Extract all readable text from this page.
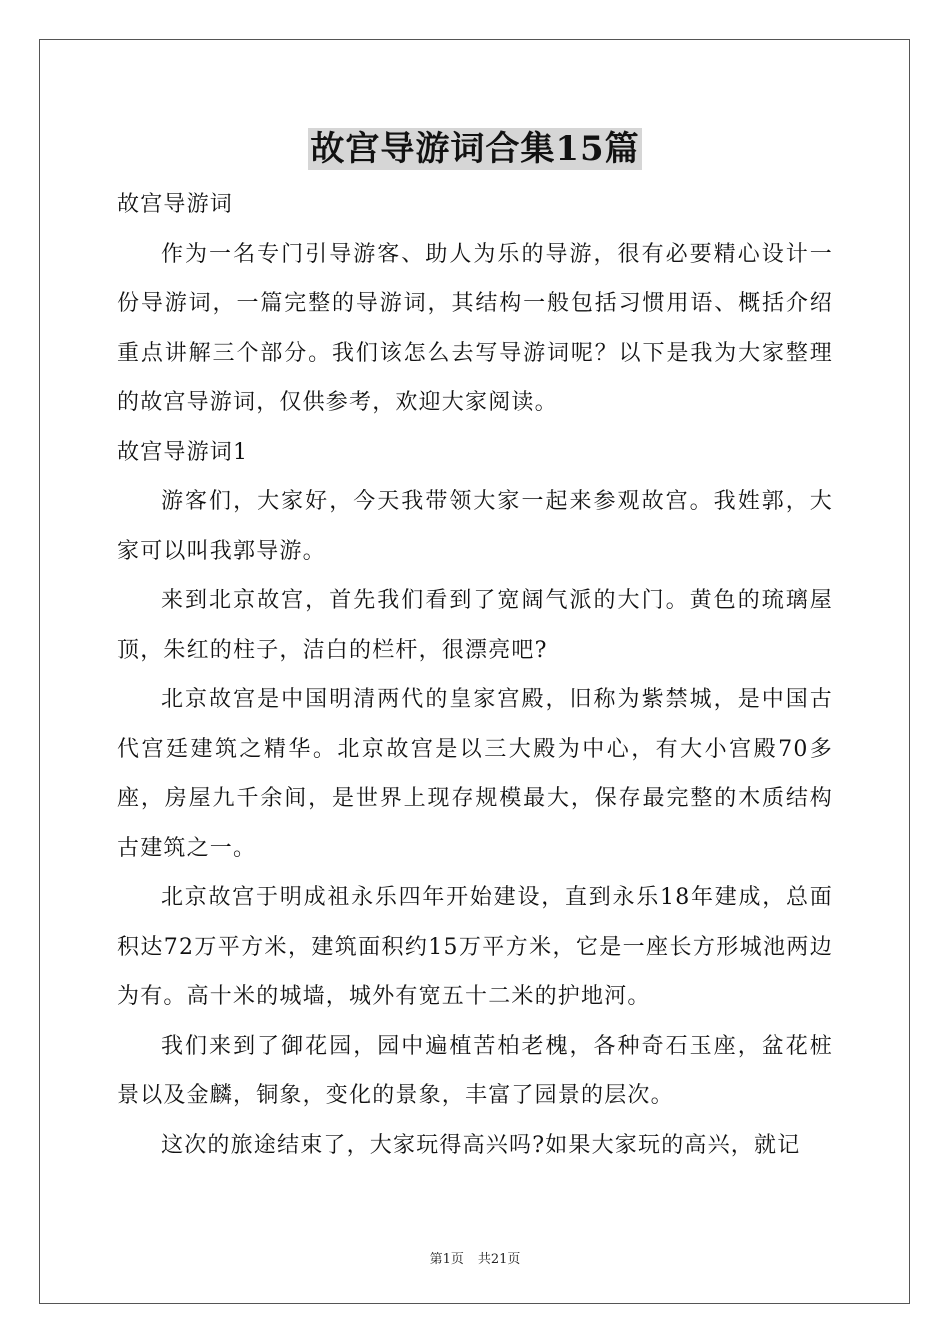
故宫导游词合集15篇

故宫导游词

作为一名专门引导游客、助人为乐的导游，很有必要精心设计一份导游词，一篇完整的导游词，其结构一般包括习惯用语、概括介绍重点讲解三个部分。我们该怎么去写导游词呢？以下是我为大家整理的故宫导游词，仅供参考，欢迎大家阅读。

故宫导游词1

游客们，大家好，今天我带领大家一起来参观故宫。我姓郭，大家可以叫我郭导游。

来到北京故宫，首先我们看到了宽阔气派的大门。黄色的琉璃屋顶，朱红的柱子，洁白的栏杆，很漂亮吧?

北京故宫是中国明清两代的皇家宫殿，旧称为紫禁城，是中国古代宫廷建筑之精华。北京故宫是以三大殿为中心，有大小宫殿70多座，房屋九千余间，是世界上现存规模最大，保存最完整的木质结构古建筑之一。

北京故宫于明成祖永乐四年开始建设，直到永乐18年建成，总面积达72万平方米，建筑面积约15万平方米，它是一座长方形城池两边为有。高十米的城墙，城外有宽五十二米的护地河。

我们来到了御花园，园中遍植苦柏老槐，各种奇石玉座，盆花桩景以及金麟，铜象，变化的景象，丰富了园景的层次。

这次的旅途结束了，大家玩得高兴吗?如果大家玩的高兴，就记

第1页 共21页
